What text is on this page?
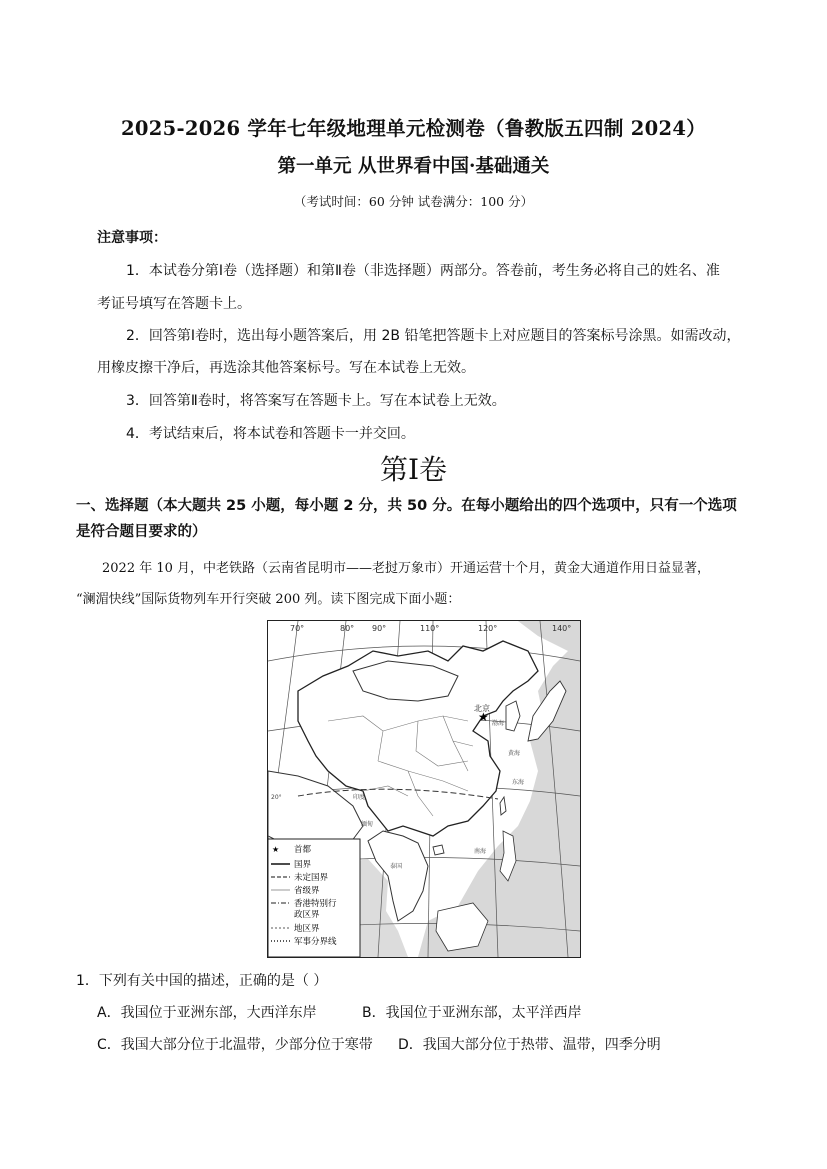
2025-2026 学年七年级地理单元检测卷（鲁教版五四制 2024）
第一单元 从世界看中国·基础通关
（考试时间：60 分钟 试卷满分：100 分）
注意事项：
1．本试卷分第Ⅰ卷（选择题）和第Ⅱ卷（非选择题）两部分。答卷前，考生务必将自己的姓名、准
考证号填写在答题卡上。
2．回答第Ⅰ卷时，选出每小题答案后，用 2B 铅笔把答题卡上对应题目的答案标号涂黑。如需改动，
用橡皮擦干净后，再选涂其他答案标号。写在本试卷上无效。
3．回答第Ⅱ卷时，将答案写在答题卡上。写在本试卷上无效。
4．考试结束后，将本试卷和答题卡一并交回。
第Ⅰ卷
一、选择题（本大题共 25 小题，每小题 2 分，共 50 分。在每小题给出的四个选项中，只有一个选项
是符合题目要求的）
2022 年 10 月，中老铁路（云南省昆明市——老挝万象市）开通运营十个月，黄金大通道作用日益显著，
“澜湄快线”国际货物列车开行突破 200 列。读下图完成下面小题：
★
70°	80° 90°	110°	120°	140°
北京
渤海
黄海
东海
南海
印度
缅甸
泰国
20°
★ 首都
国界
未定国界
省级界
香港特别行
政区界
地区界
军事分界线
1．下列有关中国的描述，正确的是（ ）
A．我国位于亚洲东部，大西洋东岸	B．我国位于亚洲东部，太平洋西岸
C．我国大部分位于北温带，少部分位于寒带 D．我国大部分位于热带、温带，四季分明
